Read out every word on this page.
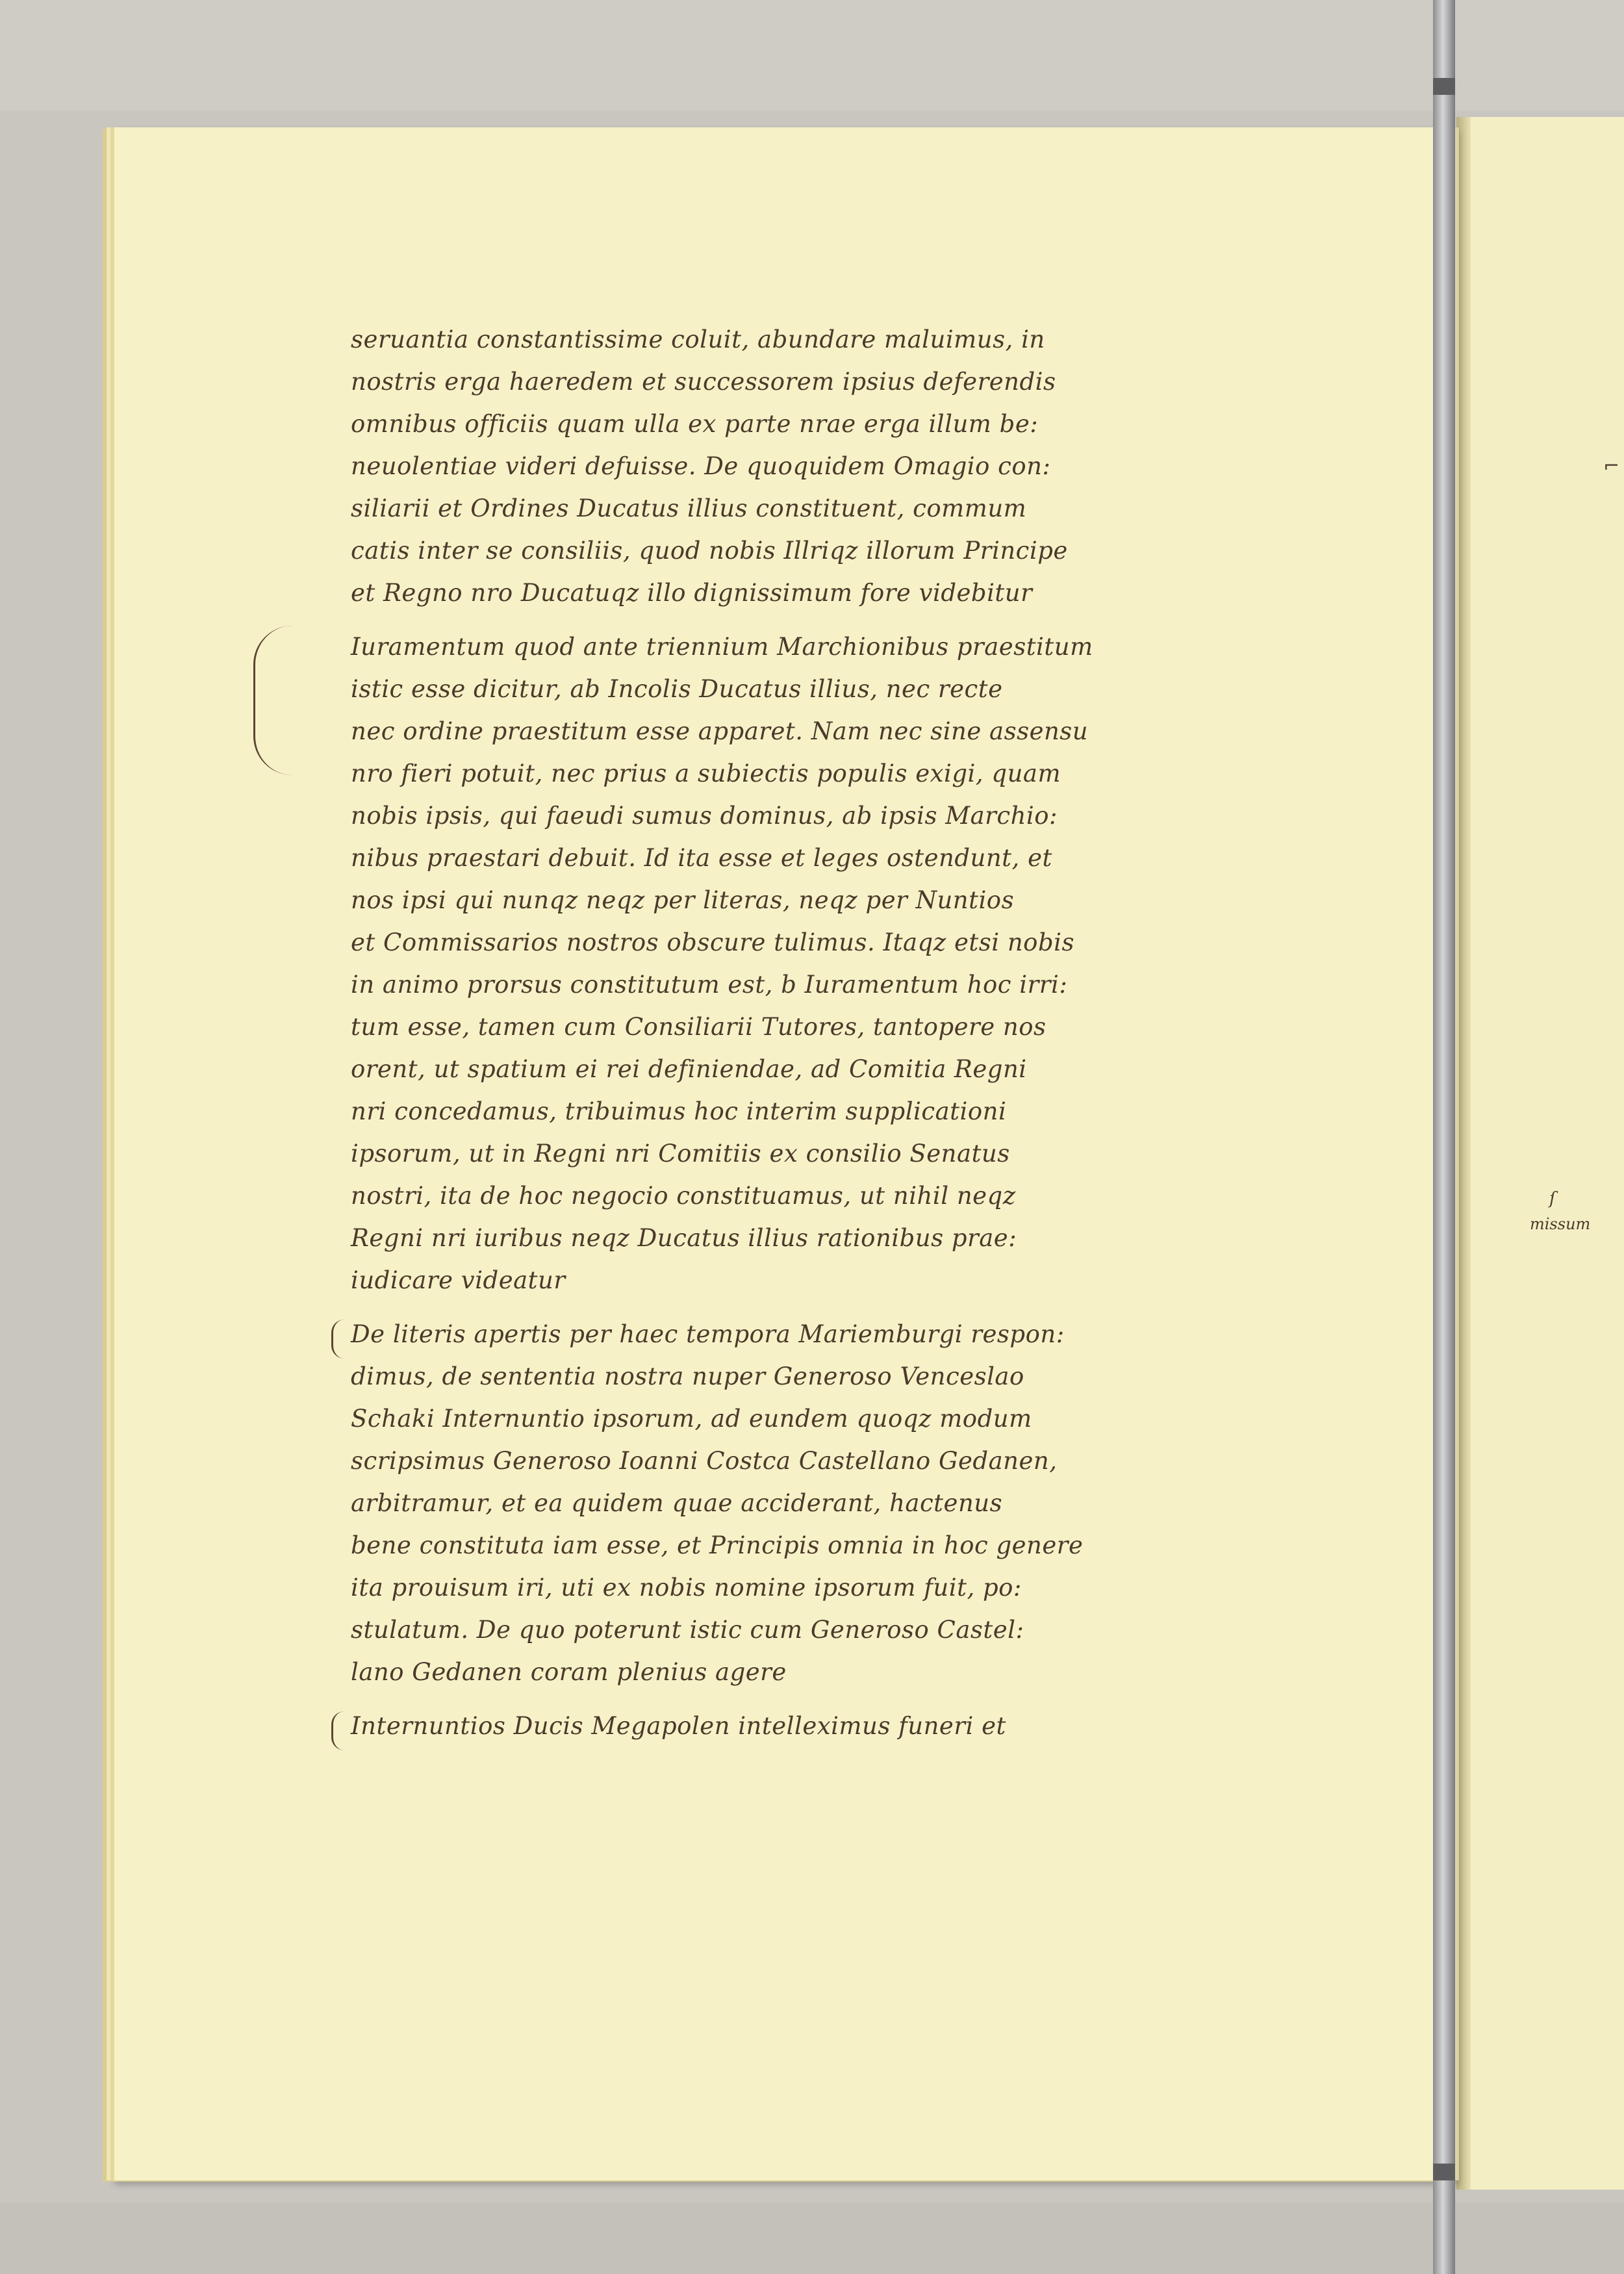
seruantia constantissime coluit, abundare maluimus, in
nostris erga haeredem et successorem ipsius deferendis
omnibus officiis quam ulla ex parte nrae erga illum be:
neuolentiae videri defuisse. De quoquidem Omagio con:
siliarii et Ordines Ducatus illius constituent, commum
catis inter se consiliis, quod nobis Illriqz illorum Principe
et Regno nro Ducatuqz illo dignissimum fore videbitur
Iuramentum quod ante triennium Marchionibus praestitum
istic esse dicitur, ab Incolis Ducatus illius, nec recte
nec ordine praestitum esse apparet. Nam nec sine assensu
nro fieri potuit, nec prius a subiectis populis exigi, quam
nobis ipsis, qui faeudi sumus dominus, ab ipsis Marchio:
nibus praestari debuit. Id ita esse et leges ostendunt, et
nos ipsi qui nunqz neqz per literas, neqz per Nuntios
et Commissarios nostros obscure tulimus. Itaqz etsi nobis
in animo prorsus constitutum est, b Iuramentum hoc irri:
tum esse, tamen cum Consiliarii Tutores, tantopere nos
orent, ut spatium ei rei definiendae, ad Comitia Regni
nri concedamus, tribuimus hoc interim supplicationi
ipsorum, ut in Regni nri Comitiis ex consilio Senatus
nostri, ita de hoc negocio constituamus, ut nihil neqz
Regni nri iuribus neqz Ducatus illius rationibus prae:
iudicare videatur
De literis apertis per haec tempora Mariemburgi respon:
dimus, de sententia nostra nuper Generoso Venceslao
Schaki Internuntio ipsorum, ad eundem quoqz modum
scripsimus Generoso Ioanni Costca Castellano Gedanen,
arbitramur, et ea quidem quae acciderant, hactenus
bene constituta iam esse, et Principis omnia in hoc genere
ita prouisum iri, uti ex nobis nomine ipsorum fuit, po:
stulatum. De quo poterunt istic cum Generoso Castel:
lano Gedanen coram plenius agere
Internuntios Ducis Megapolen intelleximus funeri et
⌐
ſ
missum
